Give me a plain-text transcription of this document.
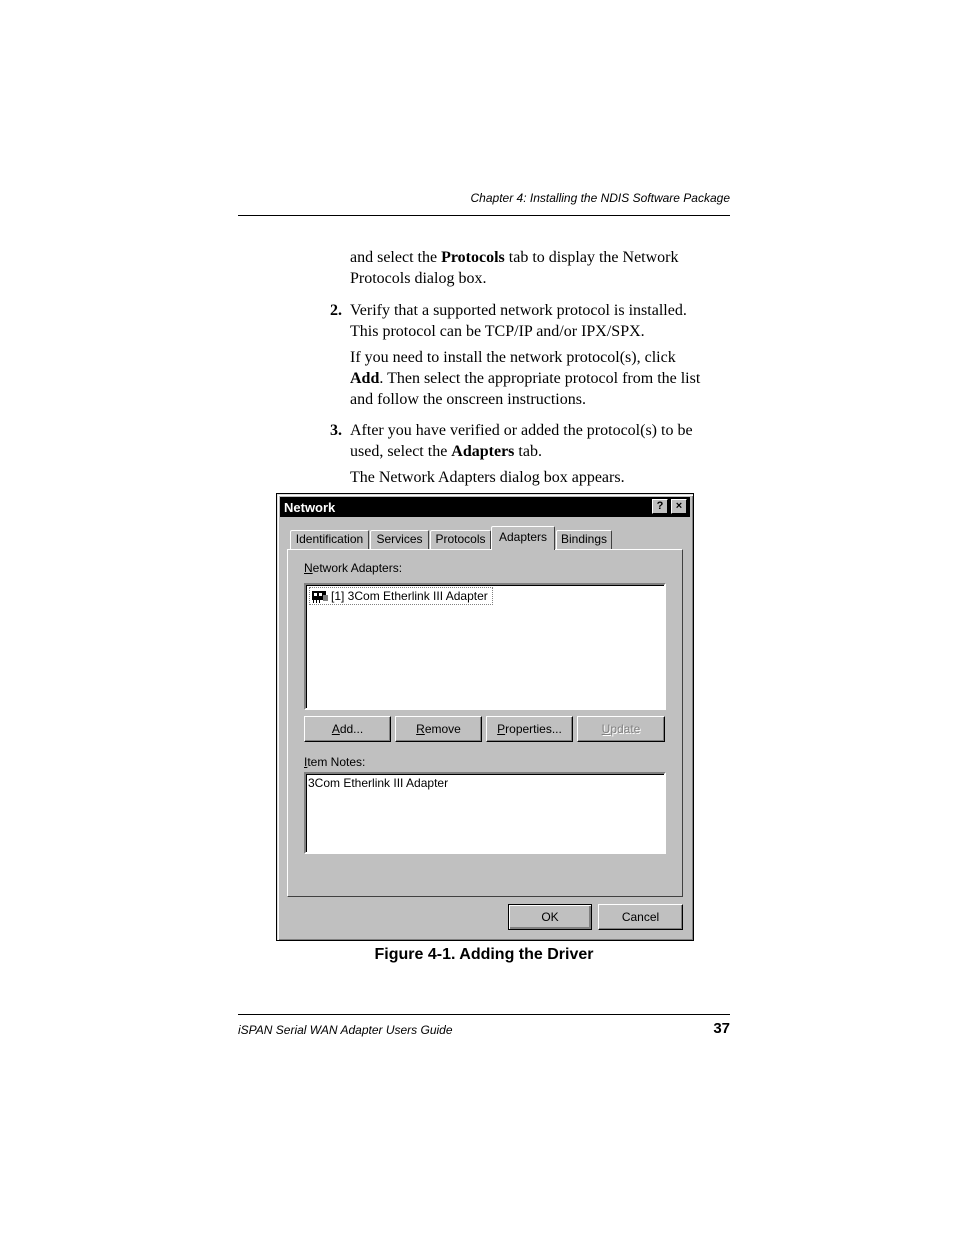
Chapter 4: Installing the NDIS Software Package
and select the Protocols tab to display the Network
Protocols dialog box.
2. Verify that a supported network protocol is installed.
This protocol can be TCP/IP and/or IPX/SPX.
If you need to install the network protocol(s), click
Add. Then select the appropriate protocol from the list
and follow the onscreen instructions.
3. After you have verified or added the protocol(s) to be
used, select the Adapters tab.
The Network Adapters dialog box appears.
Network	?	×
Identification	Services	Protocols	Adapters	Bindings
Network Adapters:
[1] 3Com Etherlink III Adapter
Add...	Remove	Properties...	Update
Item Notes:
3Com Etherlink III Adapter
OK	Cancel
Figure 4-1. Adding the Driver
iSPAN Serial WAN Adapter Users Guide	37
